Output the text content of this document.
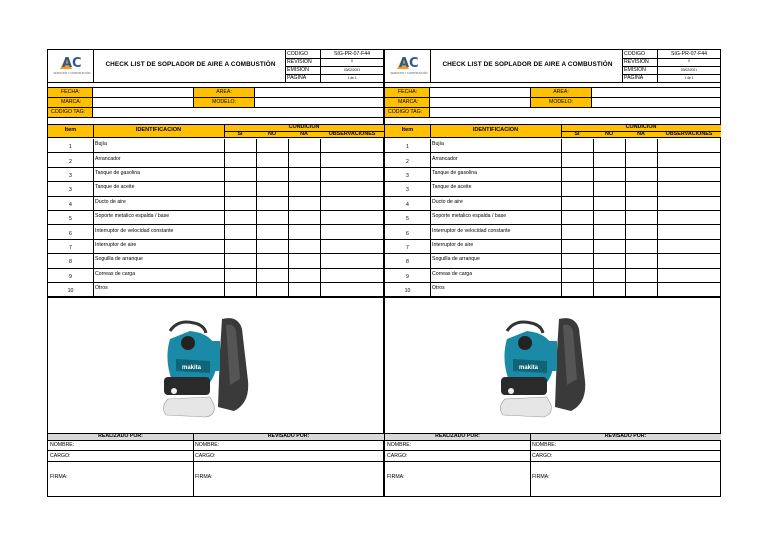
AC
SERVICIOS Y CONSTRUCCIÓN
CHECK LIST DE SOPLADOR DE AIRE A COMBUSTIÓN
CODIGO	SIG-PR-07-F44
REVISION	0
EMISIÓN	03/02/2021
PAGINA	1 de 1
FECHA:	AREA:
MARCA:	MODELO:
CODIGO TAG:
Item	IDENTIFICACION	CONDICION
SI	NO	NA	OBSERVACIONES
1	Bujía
2	Arrancador
3	Tanque de gasolina
3	Tanque de aceite
4	Ducto de aire
5	Soporte metalico espalda / base
6	Interruptor de velocidad constante
7	Interruptor de aire
8	Soguilla de arranque
9	Correas de carga
10	Otros
makita
REALIZADO POR:	REVISADO POR:
NOMBRE:	NOMBRE:
CARGO:	CARGO:
FIRMA:	FIRMA:
AC
SERVICIOS Y CONSTRUCCIÓN
CHECK LIST DE SOPLADOR DE AIRE A COMBUSTIÓN
CODIGO	SIG-PR-07-F44
REVISION	0
EMISIÓN	03/02/2021
PAGINA	1 de 1
FECHA:	AREA:
MARCA:	MODELO:
CODIGO TAG:
Item	IDENTIFICACION	CONDICION
SI	NO	NA	OBSERVACIONES
1	Bujía
2	Arrancador
3	Tanque de gasolina
3	Tanque de aceite
4	Ducto de aire
5	Soporte metalico espalda / base
6	Interruptor de velocidad constante
7	Interruptor de aire
8	Soguilla de arranque
9	Correas de carga
10	Otros
makita
REALIZADO POR:	REVISADO POR:
NOMBRE:	NOMBRE:
CARGO:	CARGO:
FIRMA:	FIRMA:
